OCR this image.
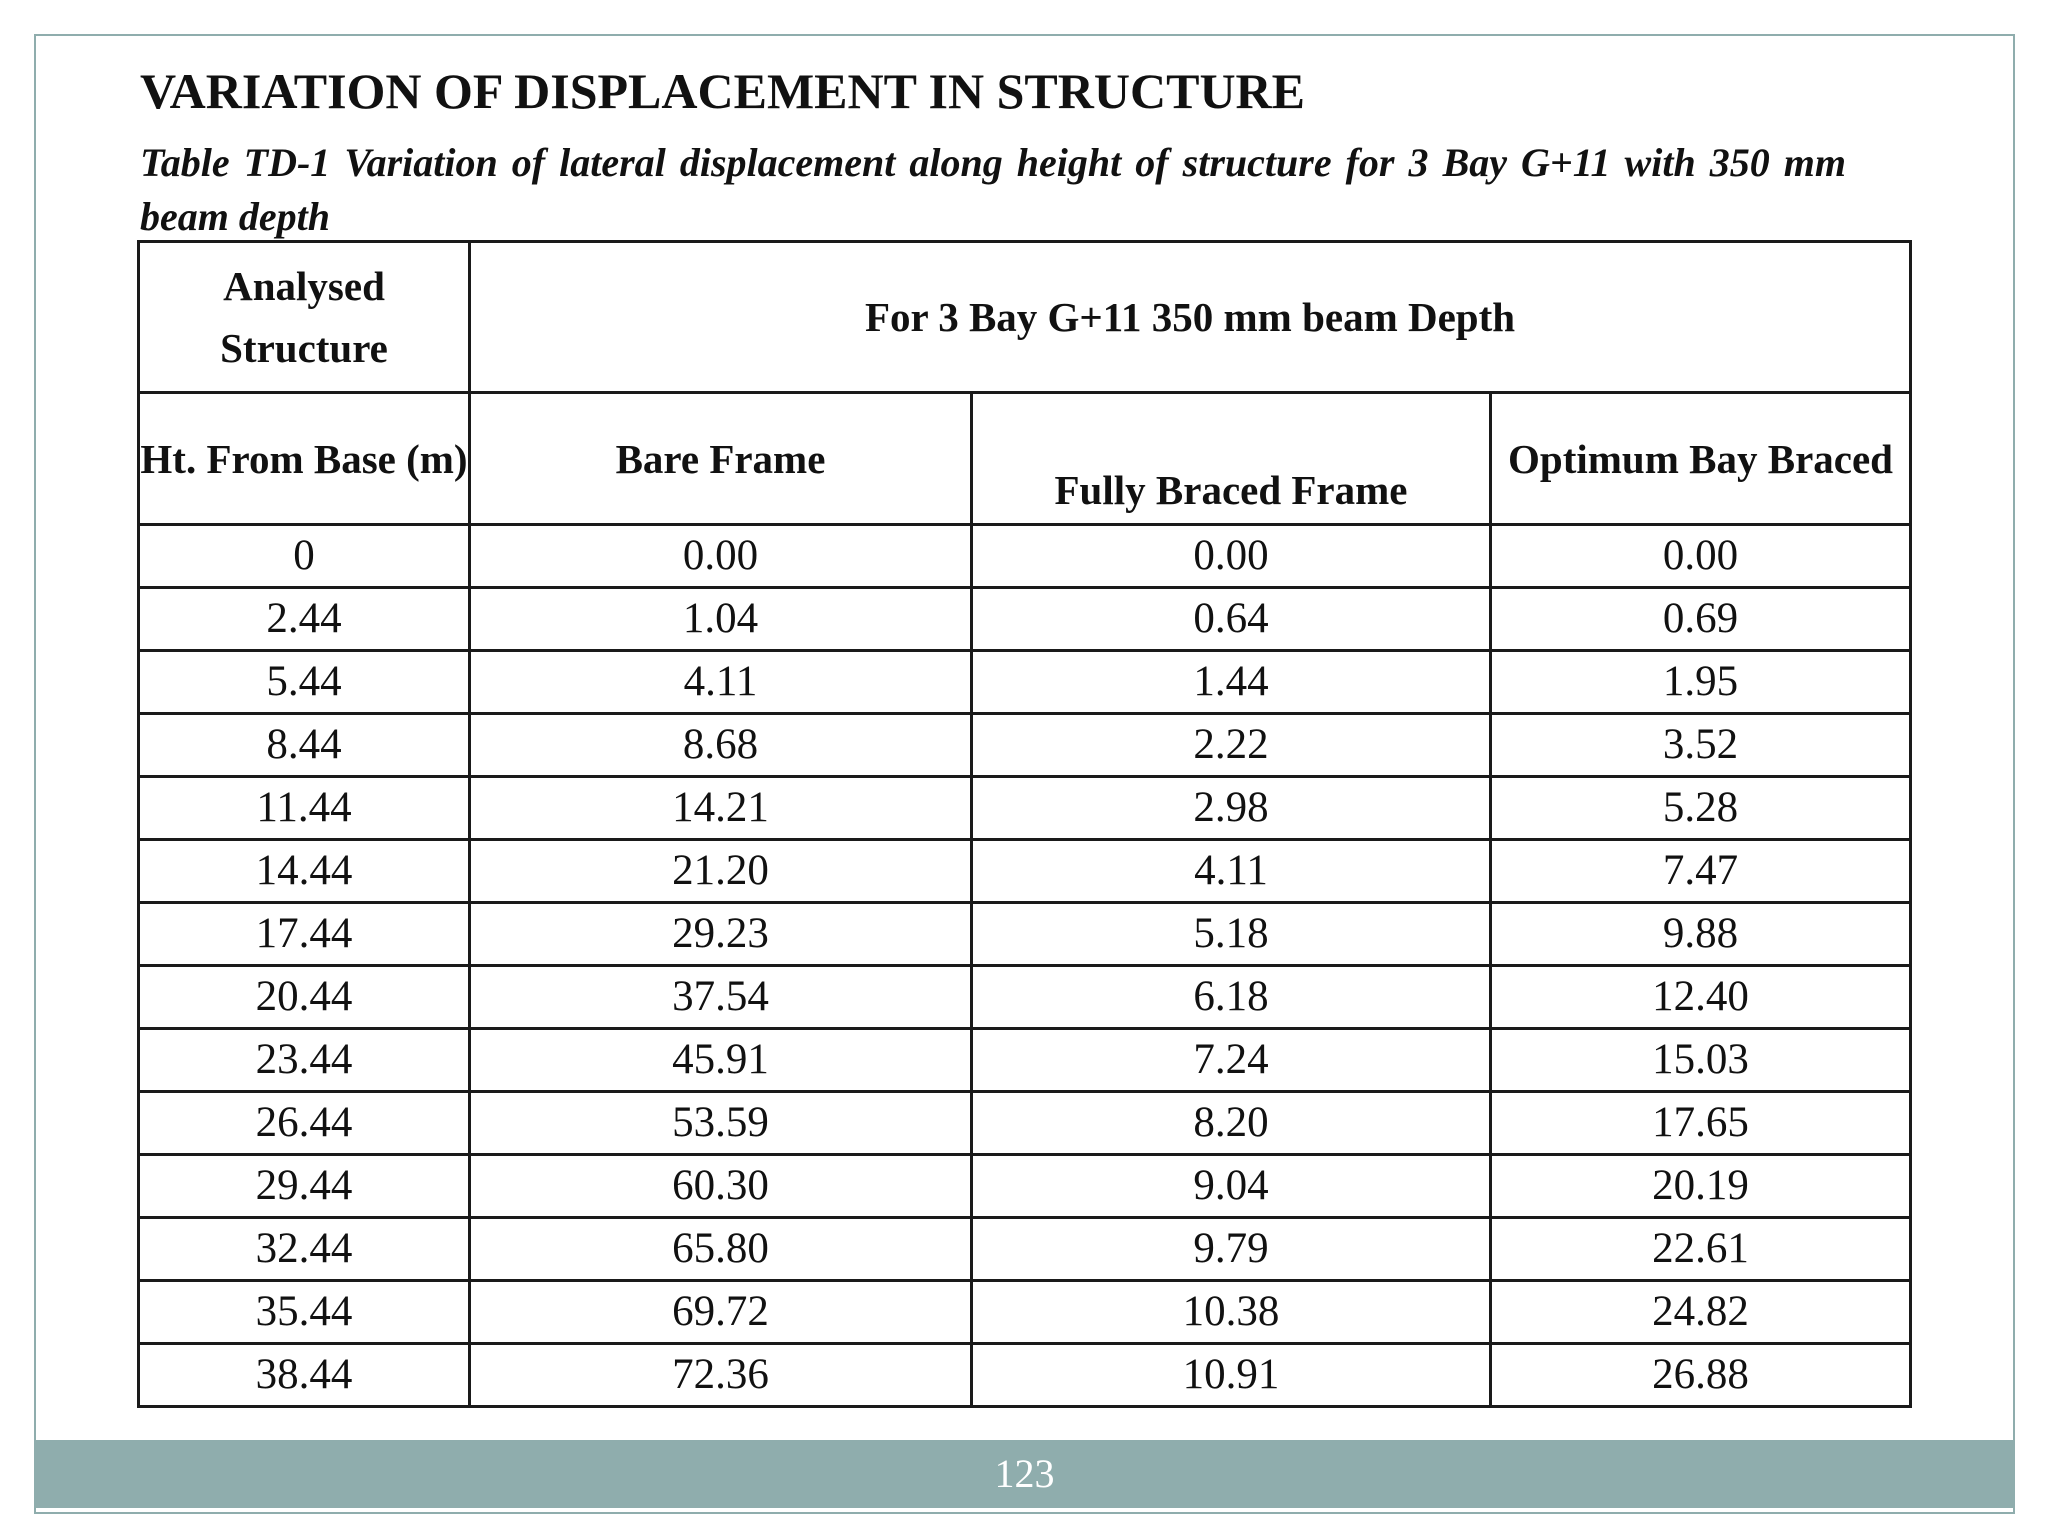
VARIATION OF DISPLACEMENT IN STRUCTURE

Table TD-1 Variation of lateral displacement along height of structure for 3 Bay G+11 with 350 mm beam depth

Analysed Structure	For 3 Bay G+11 350 mm beam Depth		
Ht. From Base (m)	Bare Frame	Fully Braced Frame	Optimum Bay Braced
0	0.00	0.00	0.00
2.44	1.04	0.64	0.69
5.44	4.11	1.44	1.95
8.44	8.68	2.22	3.52
11.44	14.21	2.98	5.28
14.44	21.20	4.11	7.47
17.44	29.23	5.18	9.88
20.44	37.54	6.18	12.40
23.44	45.91	7.24	15.03
26.44	53.59	8.20	17.65
29.44	60.30	9.04	20.19
32.44	65.80	9.79	22.61
35.44	69.72	10.38	24.82
38.44	72.36	10.91	26.88
123
